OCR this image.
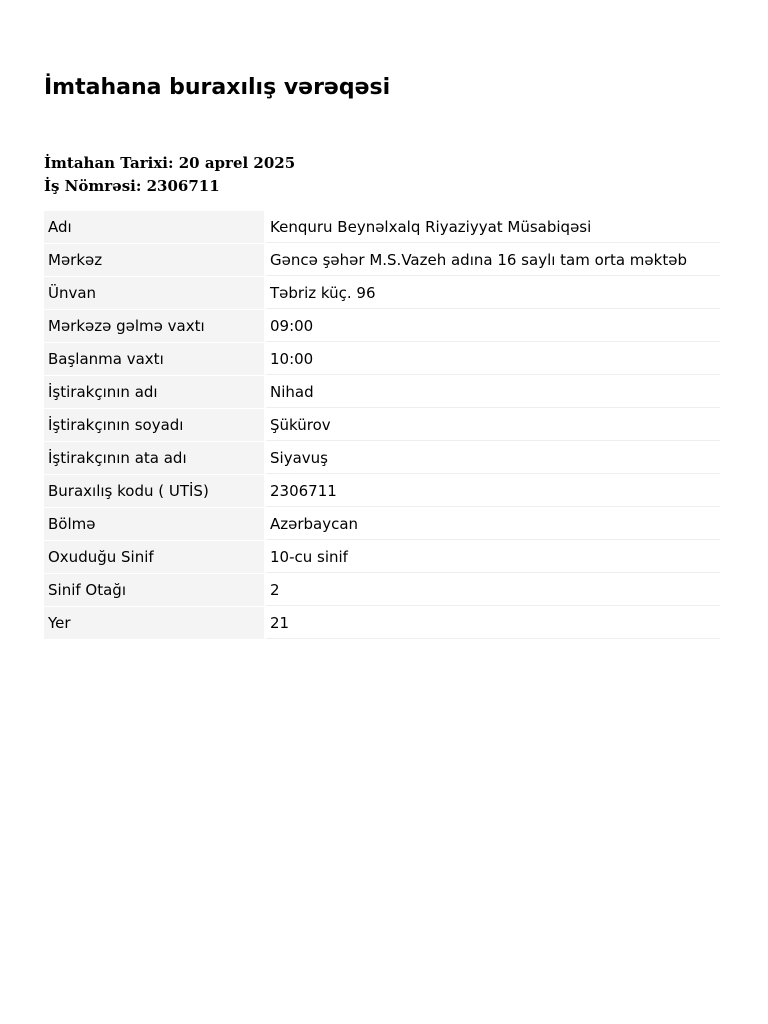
İmtahana buraxılış vərəqəsi
İmtahan Tarixi: 20 aprel 2025
İş Nömrəsi: 2306711
Adı		Kenquru Beynəlxalq Riyaziyyat Müsabiqəsi
Mərkəz		Gəncə şəhər M.S.Vazeh adına 16 saylı tam orta məktəb
Ünvan		Təbriz küç. 96
Mərkəzə gəlmə vaxtı		09:00
Başlanma vaxtı		10:00
İştirakçının adı		Nihad
İştirakçının soyadı		Şükürov
İştirakçının ata adı		Siyavuş
Buraxılış kodu ( UTİS)		2306711
Bölmə		Azərbaycan
Oxuduğu Sinif		10-cu sinif
Sinif Otağı		2
Yer		21
